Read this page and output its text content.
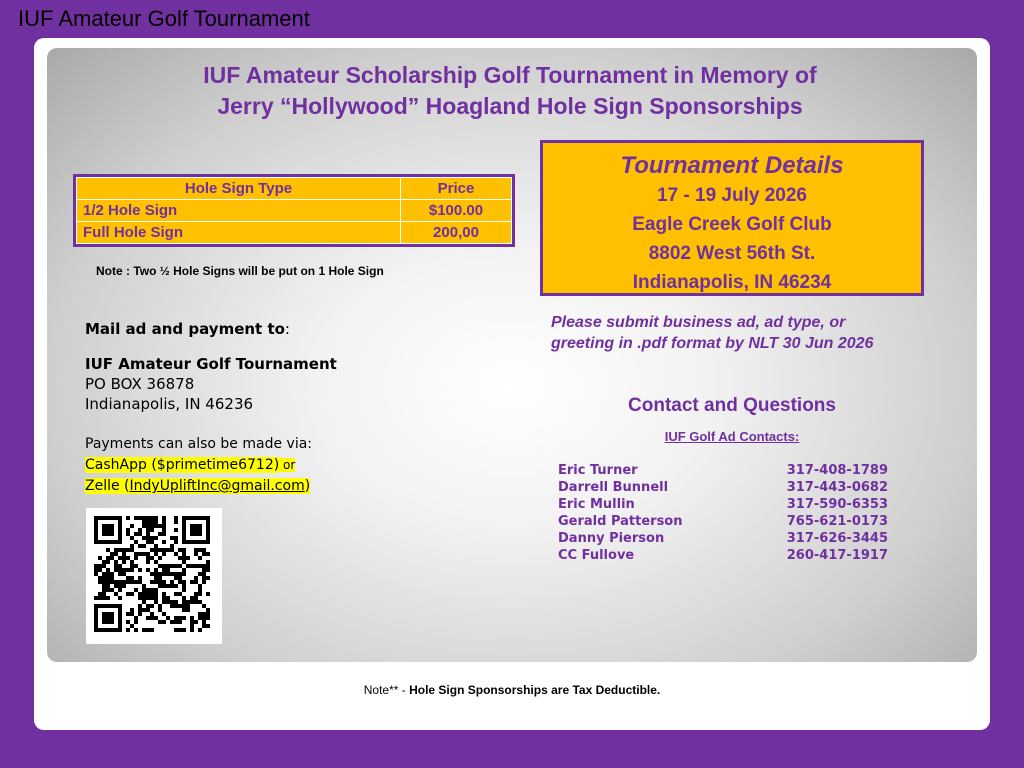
IUF Amateur Golf Tournament
IUF Amateur Scholarship Golf Tournament in Memory of
Jerry “Hollywood” Hoagland Hole Sign Sponsorships
Hole Sign Type	Price
1/2 Hole Sign	$100.00
Full Hole Sign	200,00
Note : Two ½ Hole Signs will be put on 1 Hole Sign
Mail ad and payment to:
IUF Amateur Golf Tournament
PO BOX 36878
Indianapolis, IN 46236
Payments can also be made via:
CashApp ($primetime6712) or
Zelle (IndyUpliftInc@gmail.com)
Tournament Details
17 - 19 July 2026
Eagle Creek Golf Club
8802 West 56th St.
Indianapolis, IN 46234
Please submit business ad, ad type, or greeting in .pdf format by NLT 30 Jun 2026
Contact and Questions
IUF Golf Ad Contacts:
Eric Turner	317-408-1789
Darrell Bunnell	317-443-0682
Eric Mullin	317-590-6353
Gerald Patterson	765-621-0173
Danny Pierson	317-626-3445
CC Fullove	260-417-1917
Note** - Hole Sign Sponsorships are Tax Deductible.
